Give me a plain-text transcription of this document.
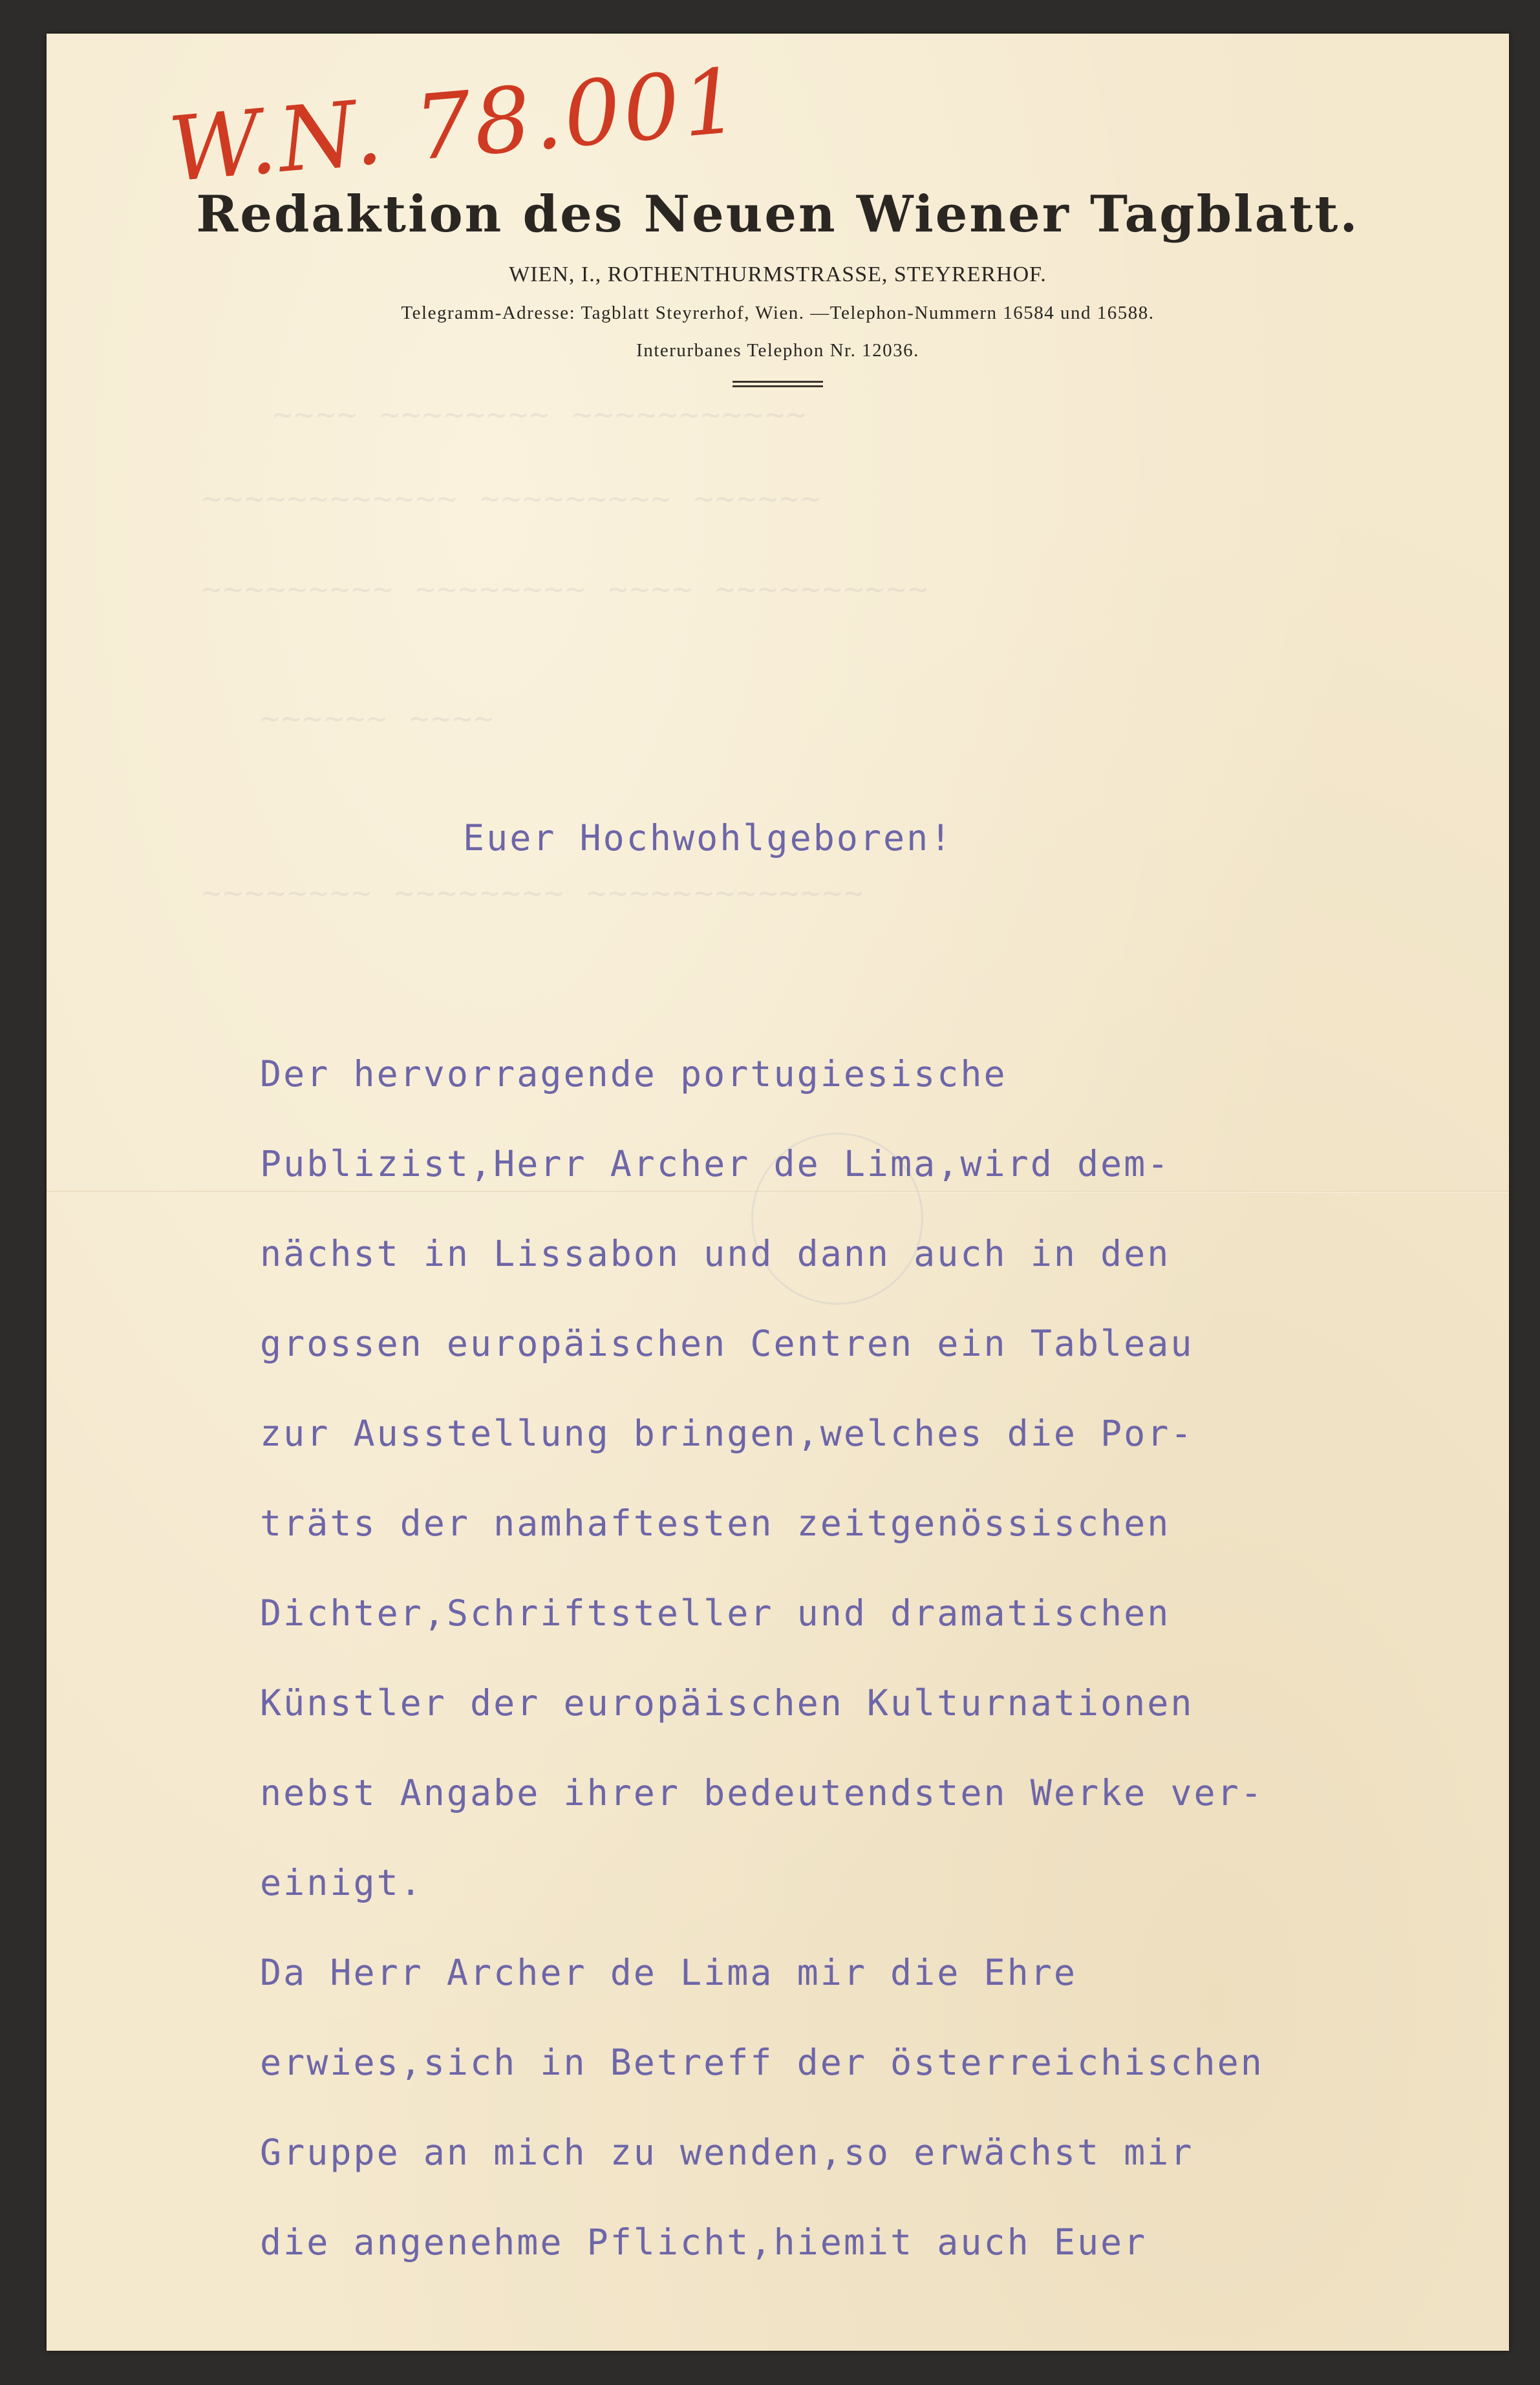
~~~~ ~~~~~~~~ ~~~~~~~~~~~
~~~~~~~~~~~~ ~~~~~~~~~ ~~~~~~
~~~~~~~~~ ~~~~~~~~ ~~~~ ~~~~~~~~~~
~~~~~~ ~~~~
~~~~~~~~ ~~~~~~~~ ~~~~~~~~~~~~~
W.N. 78.001
Redaktion des Neuen Wiener Tagblatt.
WIEN, I., ROTHENTHURMSTRASSE, STEYRERHOF.
Telegramm-Adresse: Tagblatt Steyrerhof, Wien. —Telephon-Nummern 16584 und 16588.
Interurbanes Telephon Nr. 12036.
Euer Hochwohlgeboren!
Der hervorragende portugiesische
Publizist,Herr Archer de Lima,wird dem-
nächst in Lissabon und dann auch in den
grossen europäischen Centren ein Tableau
zur Ausstellung bringen,welches die Por-
träts der namhaftesten zeitgenössischen
Dichter,Schriftsteller und dramatischen
Künstler der europäischen Kulturnationen
nebst Angabe ihrer bedeutendsten Werke ver-
einigt.
Da Herr Archer de Lima mir die Ehre
erwies,sich in Betreff der österreichischen
Gruppe an mich zu wenden,so erwächst mir
die angenehme Pflicht,hiemit auch Euer
